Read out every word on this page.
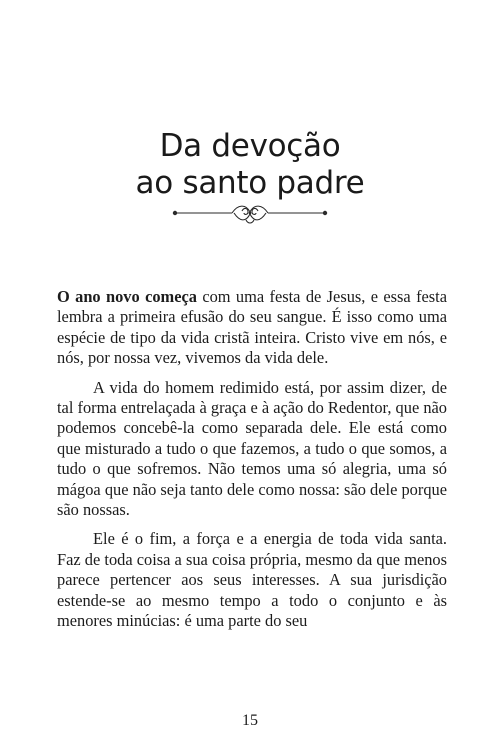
Da devoção
ao santo padre

O ano novo começa com uma festa de Jesus, e essa festa lembra a primeira efusão do seu sangue. É isso como uma espécie de tipo da vida cristã inteira. Cristo vive em nós, e nós, por nossa vez, vivemos da vida dele.

A vida do homem redimido está, por assim dizer, de tal forma entrelaçada à graça e à ação do Redentor, que não podemos concebê-la como separada dele. Ele está como que misturado a tudo o que fazemos, a tudo o que somos, a tudo o que sofremos. Não temos uma só alegria, uma só mágoa que não seja tanto dele como nossa: são dele porque são nossas.

Ele é o fim, a força e a energia de toda vida santa. Faz de toda coisa a sua coisa própria, mesmo da que menos parece pertencer aos seus interesses. A sua jurisdição estende-se ao mesmo tempo a todo o conjunto e às menores minúcias: é uma parte do seu

15
